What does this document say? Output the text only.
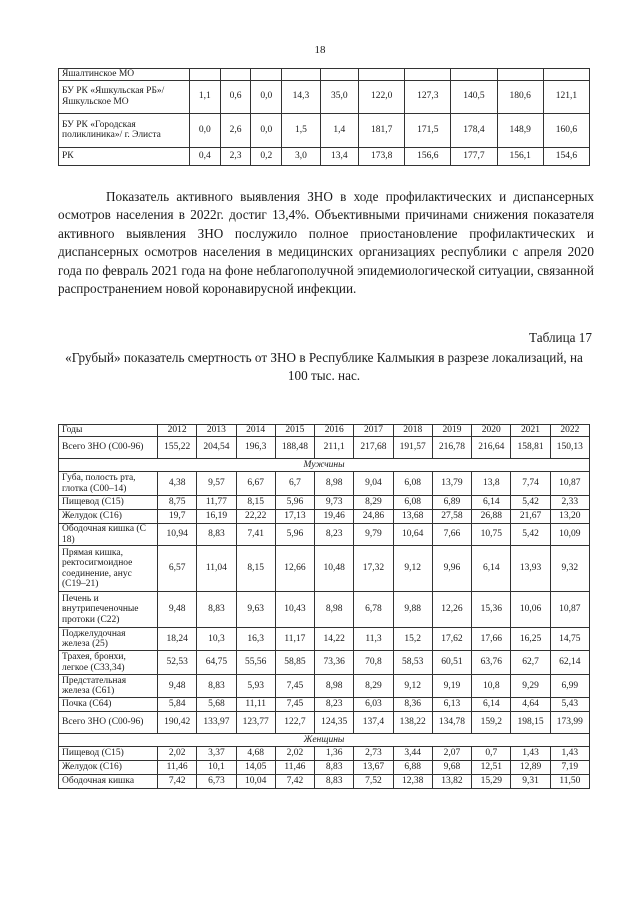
18
Яшалтинское МО										
БУ РК «Яшкульская РБ»/ Яшкульское МО	1,1	0,6	0,0	14,3	35,0	122,0	127,3	140,5	180,6	121,1
БУ РК «Городская поликлиника»/ г. Элиста	0,0	2,6	0,0	1,5	1,4	181,7	171,5	178,4	148,9	160,6
РК	0,4	2,3	0,2	3,0	13,4	173,8	156,6	177,7	156,1	154,6

Показатель активного выявления ЗНО в ходе профилактических и диспансерных осмотров населения в 2022г. достиг 13,4%. Объективными причинами снижения показателя активного выявления ЗНО послужило полное приостановление профилактических и диспансерных осмотров населения в медицинских организациях республики с апреля 2020 года по февраль 2021 года на фоне неблагополучной эпидемиологической ситуации, связанной распространением новой коронавирусной инфекции.

Таблица 17
«Грубый» показатель смертность от ЗНО в Республике Калмыкия в разрезе локализаций, на 100 тыс. нас.
Годы	2012	2013	2014	2015	2016	2017	2018	2019	2020	2021	2022
Всего ЗНО (С00-96)	155,22	204,54	196,3	188,48	211,1	217,68	191,57	216,78	216,64	158,81	150,13
Мужчины											
Губа, полость рта, глотка (С00–14)	4,38	9,57	6,67	6,7	8,98	9,04	6,08	13,79	13,8	7,74	10,87
Пищевод (С15)	8,75	11,77	8,15	5,96	9,73	8,29	6,08	6,89	6,14	5,42	2,33
Желудок (С16)	19,7	16,19	22,22	17,13	19,46	24,86	13,68	27,58	26,88	21,67	13,20
Ободочная кишка (С 18)	10,94	8,83	7,41	5,96	8,23	9,79	10,64	7,66	10,75	5,42	10,09
Прямая кишка, ректосигмоидное соединение, анус (С19–21)	6,57	11,04	8,15	12,66	10,48	17,32	9,12	9,96	6,14	13,93	9,32
Печень и внутрипеченочные протоки (С22)	9,48	8,83	9,63	10,43	8,98	6,78	9,88	12,26	15,36	10,06	10,87
Поджелудочная железа (25)	18,24	10,3	16,3	11,17	14,22	11,3	15,2	17,62	17,66	16,25	14,75
Трахея, бронхи, легкое (С33,34)	52,53	64,75	55,56	58,85	73,36	70,8	58,53	60,51	63,76	62,7	62,14
Предстательная железа (С61)	9,48	8,83	5,93	7,45	8,98	8,29	9,12	9,19	10,8	9,29	6,99
Почка (С64)	5,84	5,68	11,11	7,45	8,23	6,03	8,36	6,13	6,14	4,64	5,43
Всего ЗНО (С00-96)	190,42	133,97	123,77	122,7	124,35	137,4	138,22	134,78	159,2	198,15	173,99
Женщины											
Пищевод (С15)	2,02	3,37	4,68	2,02	1,36	2,73	3,44	2,07	0,7	1,43	1,43
Желудок (С16)	11,46	10,1	14,05	11,46	8,83	13,67	6,88	9,68	12,51	12,89	7,19
Ободочная кишка	7,42	6,73	10,04	7,42	8,83	7,52	12,38	13,82	15,29	9,31	11,50
